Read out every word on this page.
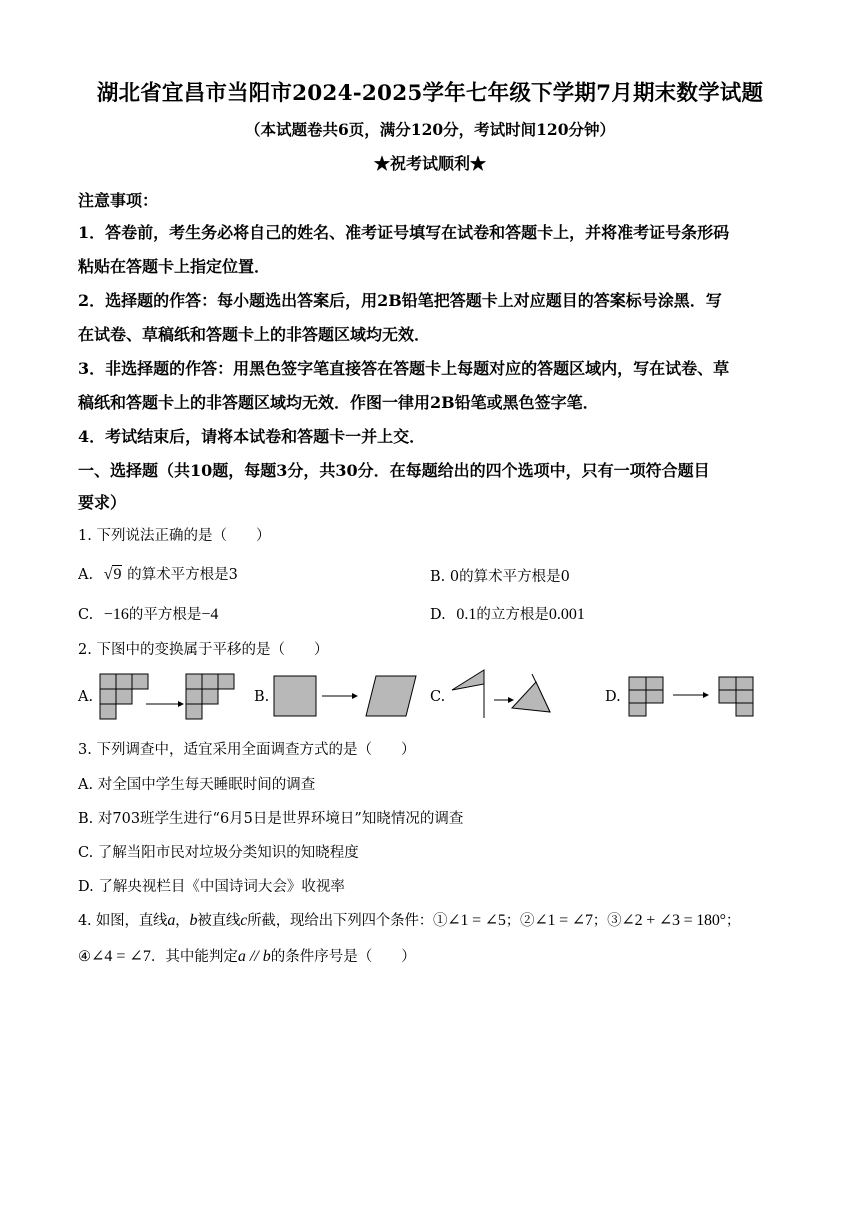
湖北省宜昌市当阳市2024-2025学年七年级下学期7月期末数学试题
（本试题卷共6页，满分120分，考试时间120分钟）
★祝考试顺利★
注意事项：
1．答卷前，考生务必将自己的姓名、准考证号填写在试卷和答题卡上，并将准考证号条形码
粘贴在答题卡上指定位置．
2．选择题的作答：每小题选出答案后，用2B铅笔把答题卡上对应题目的答案标号涂黑．写
在试卷、草稿纸和答题卡上的非答题区域均无效．
3．非选择题的作答：用黑色签字笔直接答在答题卡上每题对应的答题区域内，写在试卷、草
稿纸和答题卡上的非答题区域均无效．作图一律用2B铅笔或黑色签字笔．
4．考试结束后，请将本试卷和答题卡一并上交．
一、选择题（共10题，每题3分，共30分．在每题给出的四个选项中，只有一项符合题目
要求）
1. 下列说法正确的是（　　）
A. √9 的算术平方根是3	B. 0的算术平方根是0
C. −16的平方根是−4	D. 0.1的立方根是0.001
2. 下图中的变换属于平移的是（　　）
A.	B.	C.	D.
3. 下列调查中，适宜采用全面调查方式的是（　　）
A. 对全国中学生每天睡眠时间的调查
B. 对703班学生进行“6月5日是世界环境日”知晓情况的调查
C. 了解当阳市民对垃圾分类知识的知晓程度
D. 了解央视栏目《中国诗词大会》收视率
4. 如图，直线a，b被直线c所截，现给出下列四个条件：①∠1 = ∠5；②∠1 = ∠7；③∠2 + ∠3 = 180°；
④∠4 = ∠7．其中能判定a // b的条件序号是（　　）
